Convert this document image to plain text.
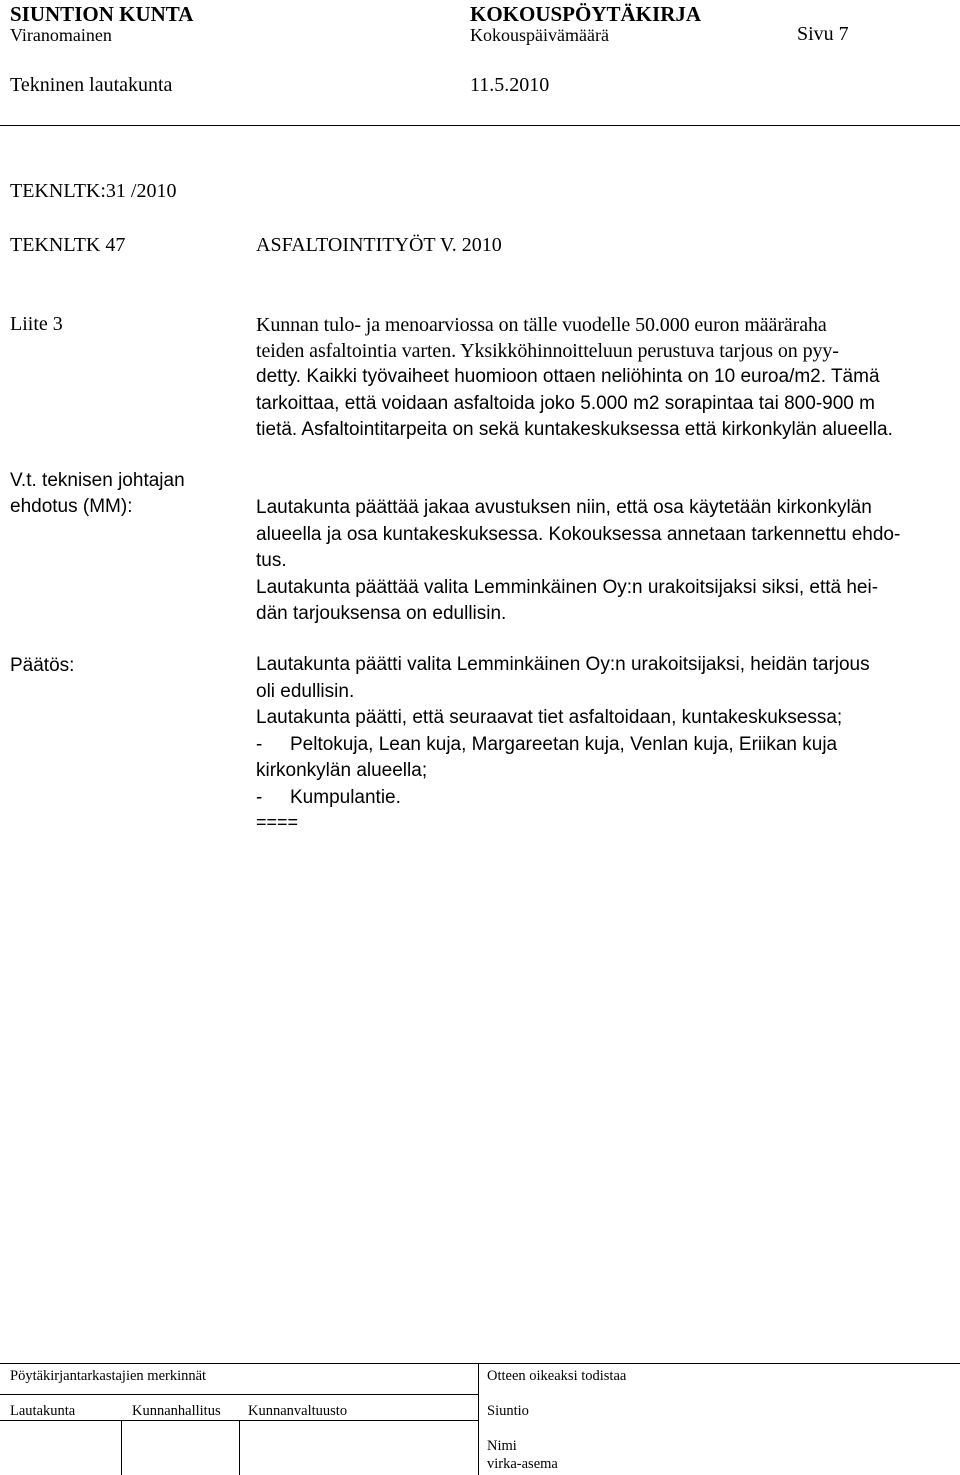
SIUNTION KUNTA	KOKOUSPÖYTÄKIRJA
Viranomainen	Kokouspäivämäärä	Sivu 7
Tekninen lautakunta	11.5.2010
TEKNLTK:31 /2010
TEKNLTK 47	ASFALTOINTITYÖT V. 2010
Liite 3	Kunnan tulo- ja menoarviossa on tälle vuodelle 50.000 euron määräraha
teiden asfaltointia varten. Yksikköhinnoitteluun perustuva tarjous on pyy-
detty. Kaikki työvaiheet huomioon ottaen neliöhinta on 10 euroa/m2. Tämä
tarkoittaa, että voidaan asfaltoida joko 5.000 m2 sorapintaa tai 800-900 m
tietä. Asfaltointitarpeita on sekä kuntakeskuksessa että kirkonkylän alueella.
V.t. teknisen johtajan
ehdotus (MM):	Lautakunta päättää jakaa avustuksen niin, että osa käytetään kirkonkylän
alueella ja osa kuntakeskuksessa. Kokouksessa annetaan tarkennettu ehdo-
tus.
Lautakunta päättää valita Lemminkäinen Oy:n urakoitsijaksi siksi, että hei-
dän tarjouksensa on edullisin.
Päätös:	Lautakunta päätti valita Lemminkäinen Oy:n urakoitsijaksi, heidän tarjous
oli edullisin.
Lautakunta päätti, että seuraavat tiet asfaltoidaan, kuntakeskuksessa;
- Peltokuja, Lean kuja, Margareetan kuja, Venlan kuja, Eriikan kuja
kirkonkylän alueella;
- Kumpulantie.
====
Pöytäkirjantarkastajien merkinnät	Otteen oikeaksi todistaa
Lautakunta	Kunnanhallitus Kunnanvaltuusto	Siuntio
Nimi
virka-asema
